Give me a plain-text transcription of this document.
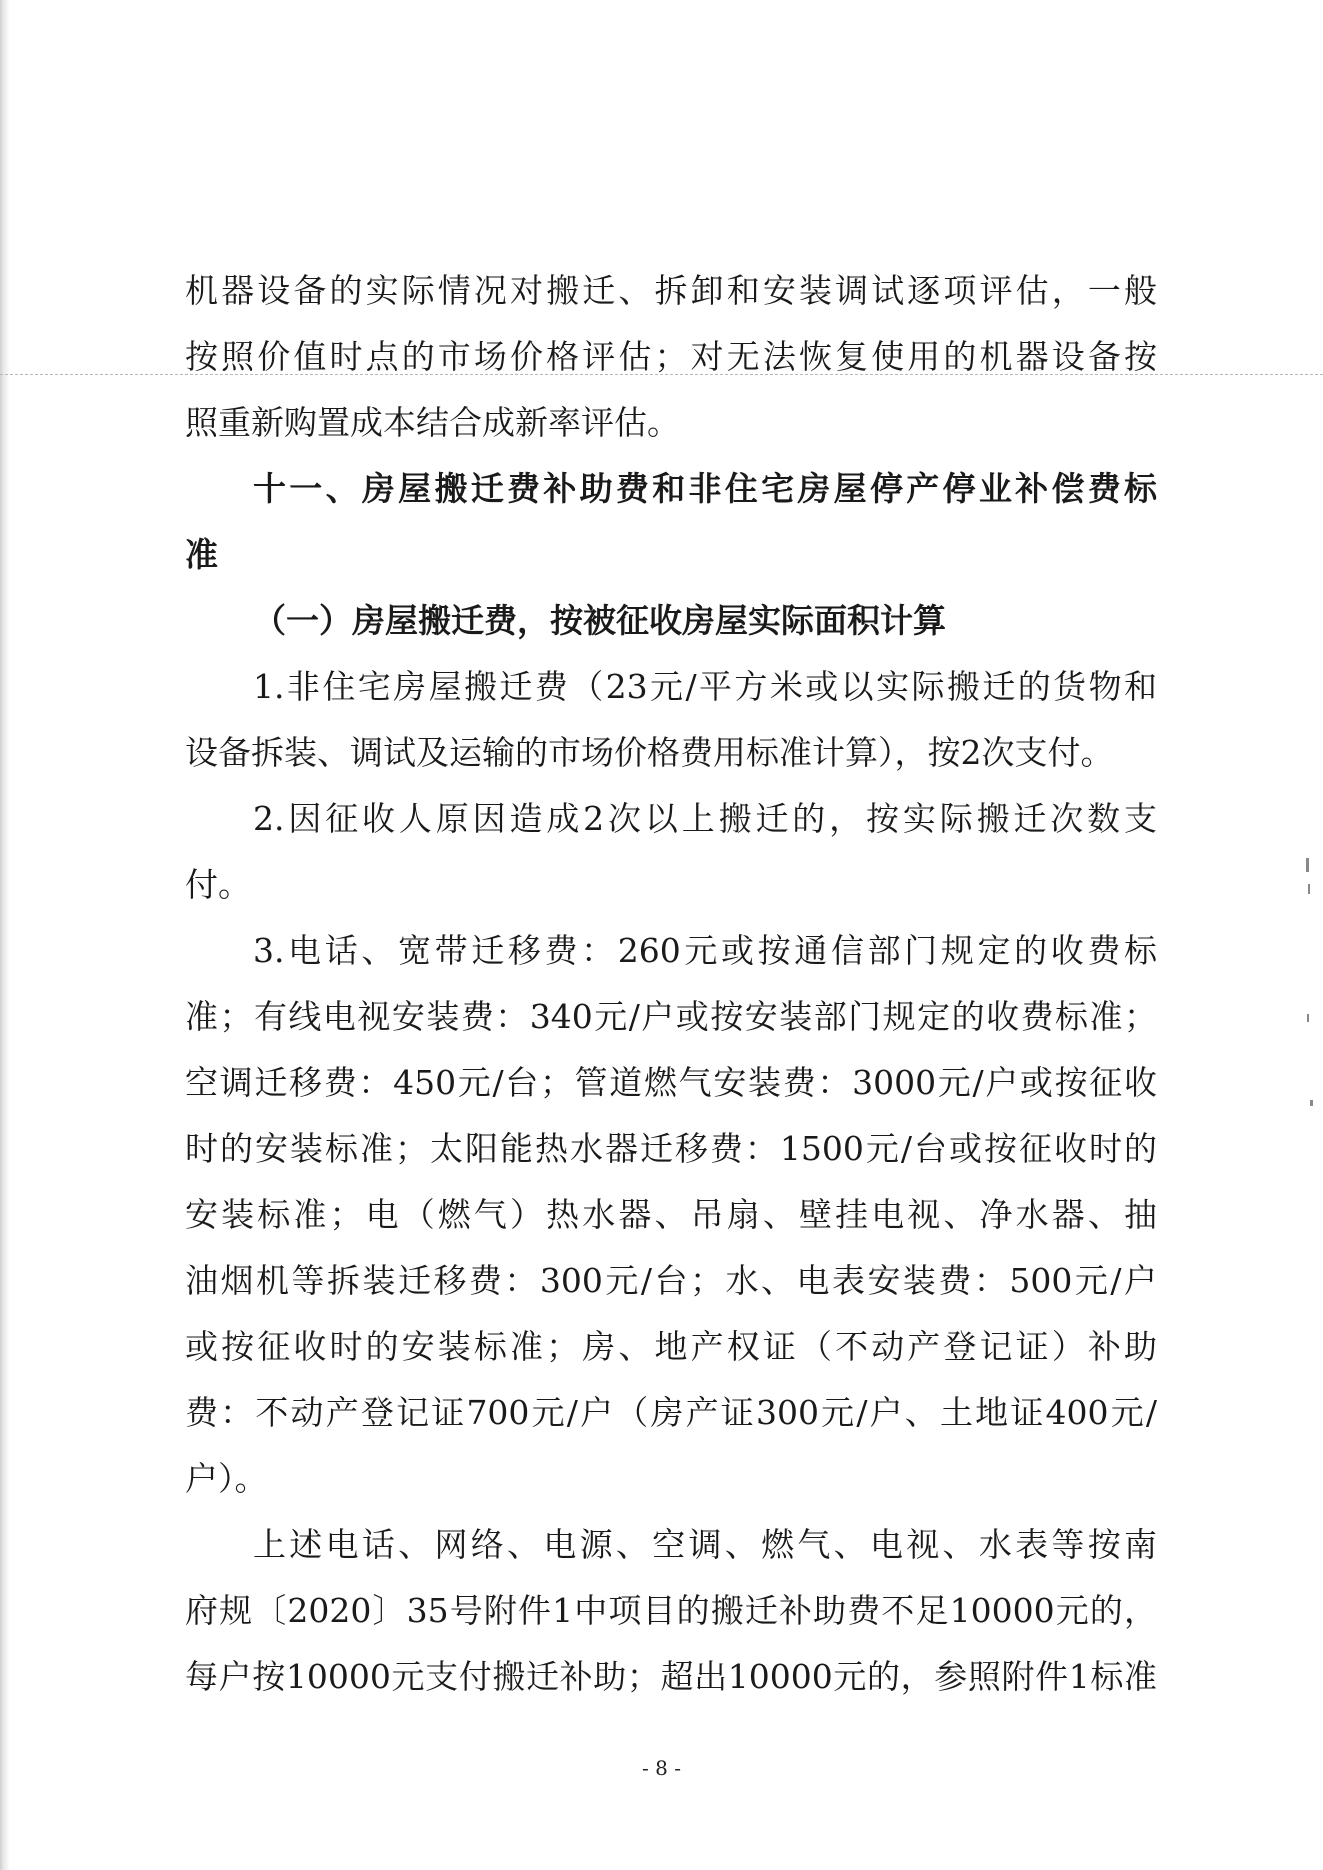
机器设备的实际情况对搬迁、拆卸和安装调试逐项评估，一般
按照价值时点的市场价格评估；对无法恢复使用的机器设备按
照重新购置成本结合成新率评估。
十一、房屋搬迁费补助费和非住宅房屋停产停业补偿费标
准
（一）房屋搬迁费，按被征收房屋实际面积计算
1.非住宅房屋搬迁费（23元/平方米或以实际搬迁的货物和
设备拆装、调试及运输的市场价格费用标准计算），按2次支付。
2.因征收人原因造成2次以上搬迁的，按实际搬迁次数支
付。
3.电话、宽带迁移费：260元或按通信部门规定的收费标
准；有线电视安装费：340元/户或按安装部门规定的收费标准；
空调迁移费：450元/台；管道燃气安装费：3000元/户或按征收
时的安装标准；太阳能热水器迁移费：1500元/台或按征收时的
安装标准；电（燃气）热水器、吊扇、壁挂电视、净水器、抽
油烟机等拆装迁移费：300元/台；水、电表安装费：500元/户
或按征收时的安装标准；房、地产权证（不动产登记证）补助
费：不动产登记证700元/户（房产证300元/户、土地证400元/
户）。
上述电话、网络、电源、空调、燃气、电视、水表等按南
府规〔2020〕35号附件1中项目的搬迁补助费不足10000元的，
每户按10000元支付搬迁补助；超出10000元的，参照附件1标准
- 8 -
